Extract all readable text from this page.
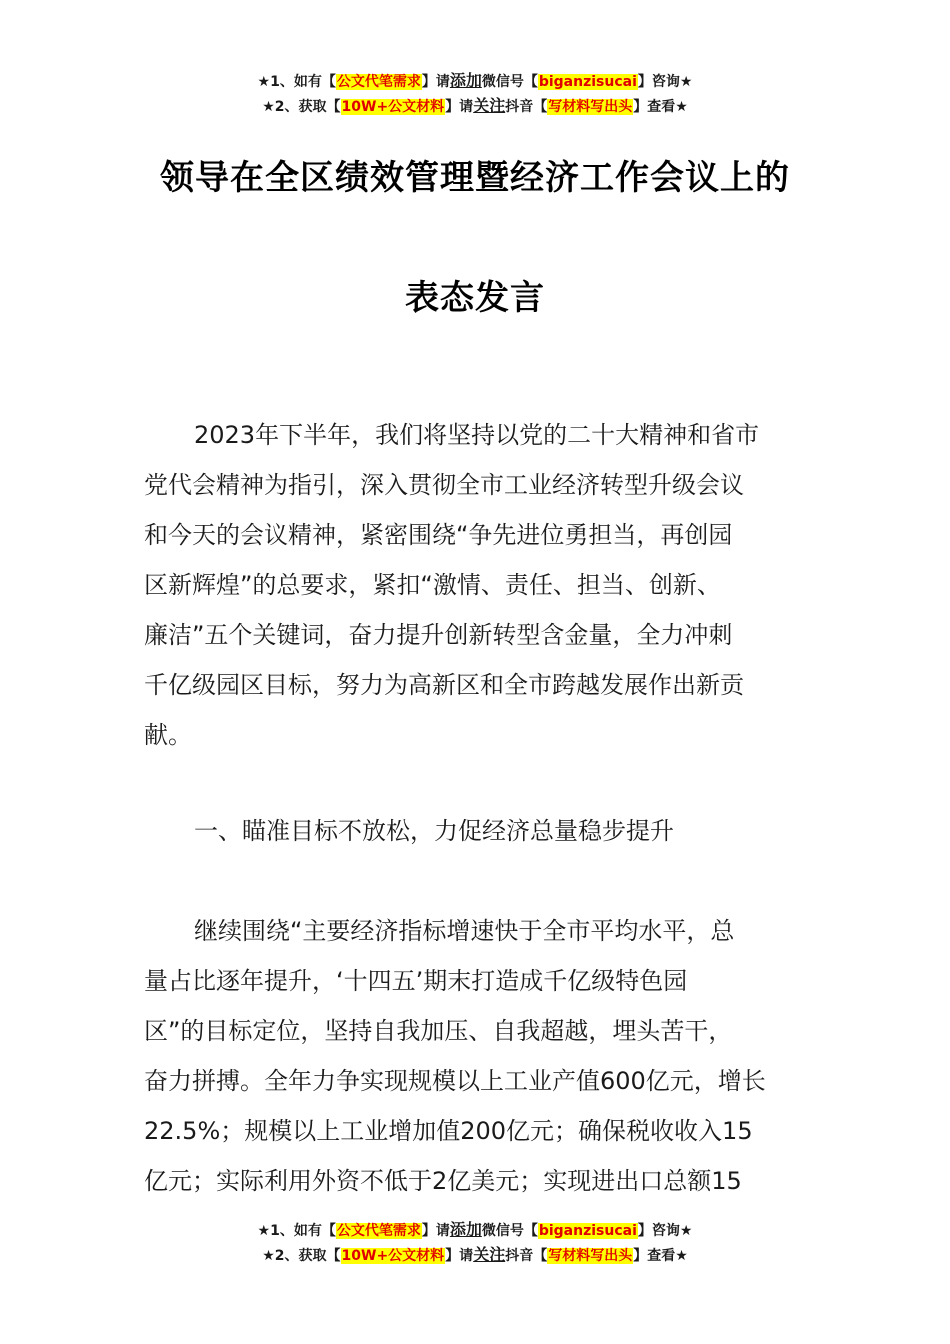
★1、如有【公文代笔需求】请添加微信号【biganzisucai】咨询★
★2、获取【10W+公文材料】请关注抖音【写材料写出头】查看★
领导在全区绩效管理暨经济工作会议上的
表态发言
2023年下半年，我们将坚持以党的二十大精神和省市
党代会精神为指引，深入贯彻全市工业经济转型升级会议
和今天的会议精神，紧密围绕“争先进位勇担当，再创园
区新辉煌”的总要求，紧扣“激情、责任、担当、创新、
廉洁”五个关键词，奋力提升创新转型含金量，全力冲刺
千亿级园区目标，努力为高新区和全市跨越发展作出新贡
献。
一、瞄准目标不放松，力促经济总量稳步提升
继续围绕“主要经济指标增速快于全市平均水平，总
量占比逐年提升，‘十四五’期末打造成千亿级特色园
区”的目标定位，坚持自我加压、自我超越，埋头苦干，
奋力拼搏。全年力争实现规模以上工业产值600亿元，增长
22.5%；规模以上工业增加值200亿元；确保税收收入15
亿元；实际利用外资不低于2亿美元；实现进出口总额15
★1、如有【公文代笔需求】请添加微信号【biganzisucai】咨询★
★2、获取【10W+公文材料】请关注抖音【写材料写出头】查看★
